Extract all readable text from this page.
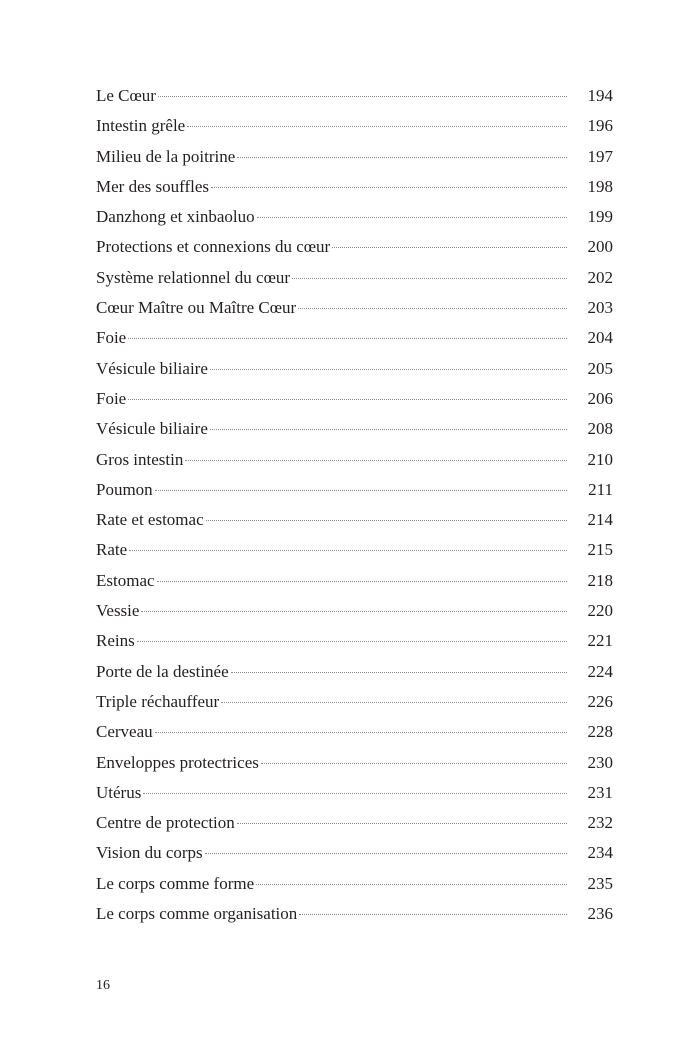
Le Cœur	194
Intestin grêle	196
Milieu de la poitrine	197
Mer des souffles	198
Danzhong et xinbaoluo	199
Protections et connexions du cœur	200
Système relationnel du cœur	202
Cœur Maître ou Maître Cœur	203
Foie	204
Vésicule biliaire	205
Foie	206
Vésicule biliaire	208
Gros intestin	210
Poumon	211
Rate et estomac	214
Rate	215
Estomac	218
Vessie	220
Reins	221
Porte de la destinée	224
Triple réchauffeur	226
Cerveau	228
Enveloppes protectrices	230
Utérus	231
Centre de protection	232
Vision du corps	234
Le corps comme forme	235
Le corps comme organisation	236
16
